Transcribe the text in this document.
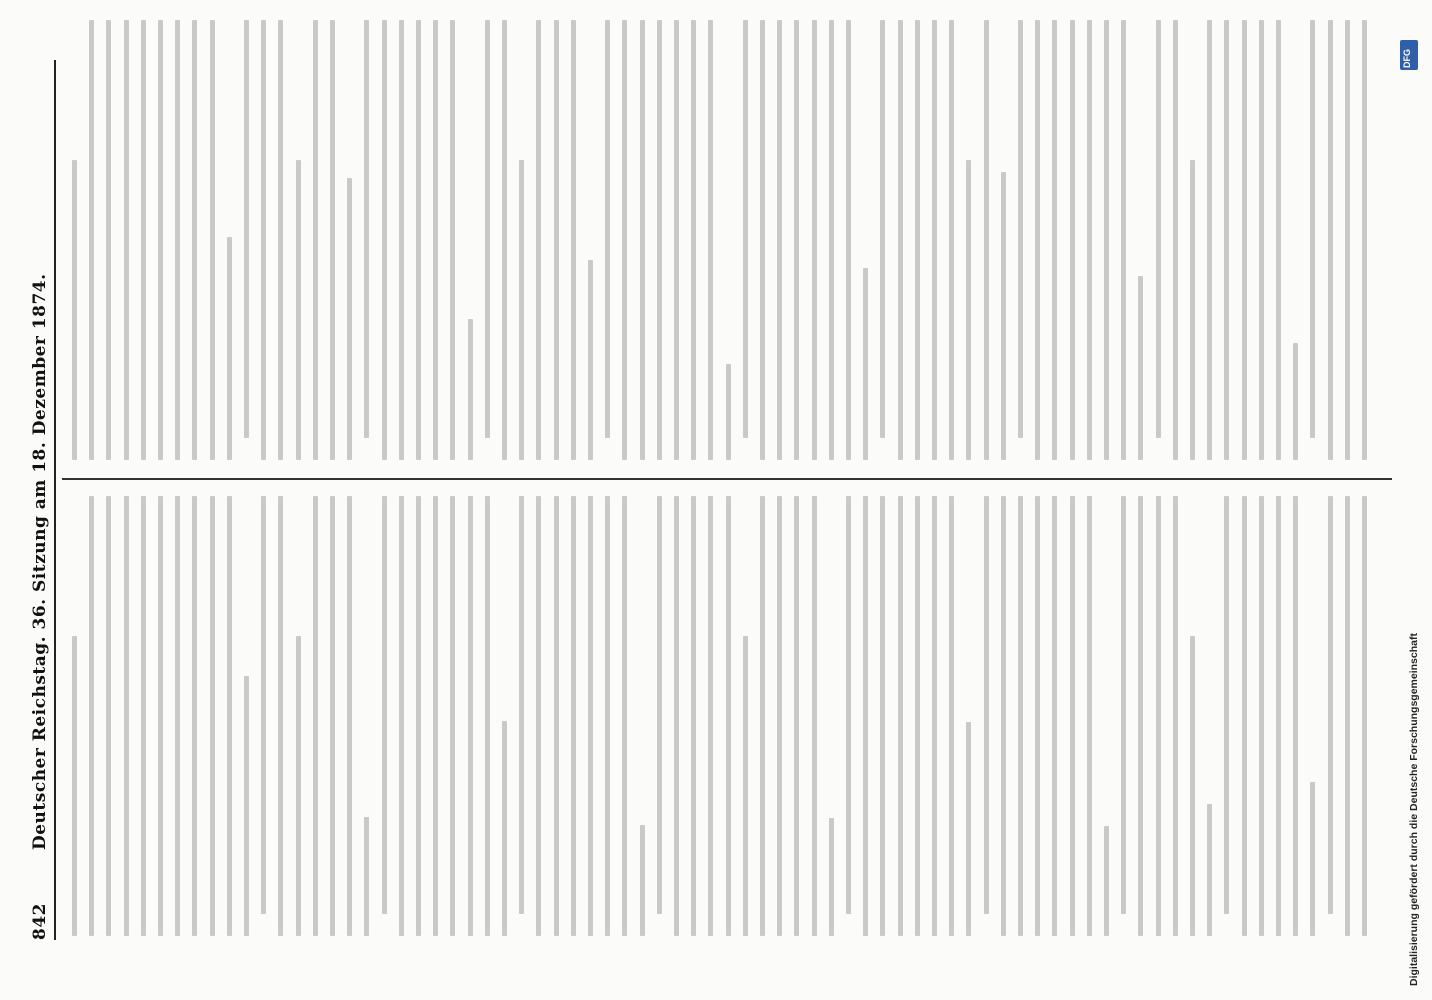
842
Deutscher Reichstag. 36. Sitzung am 18. Dezember 1874.
DFG
Digitalisierung gefördert durch die Deutsche Forschungsgemeinschaft
